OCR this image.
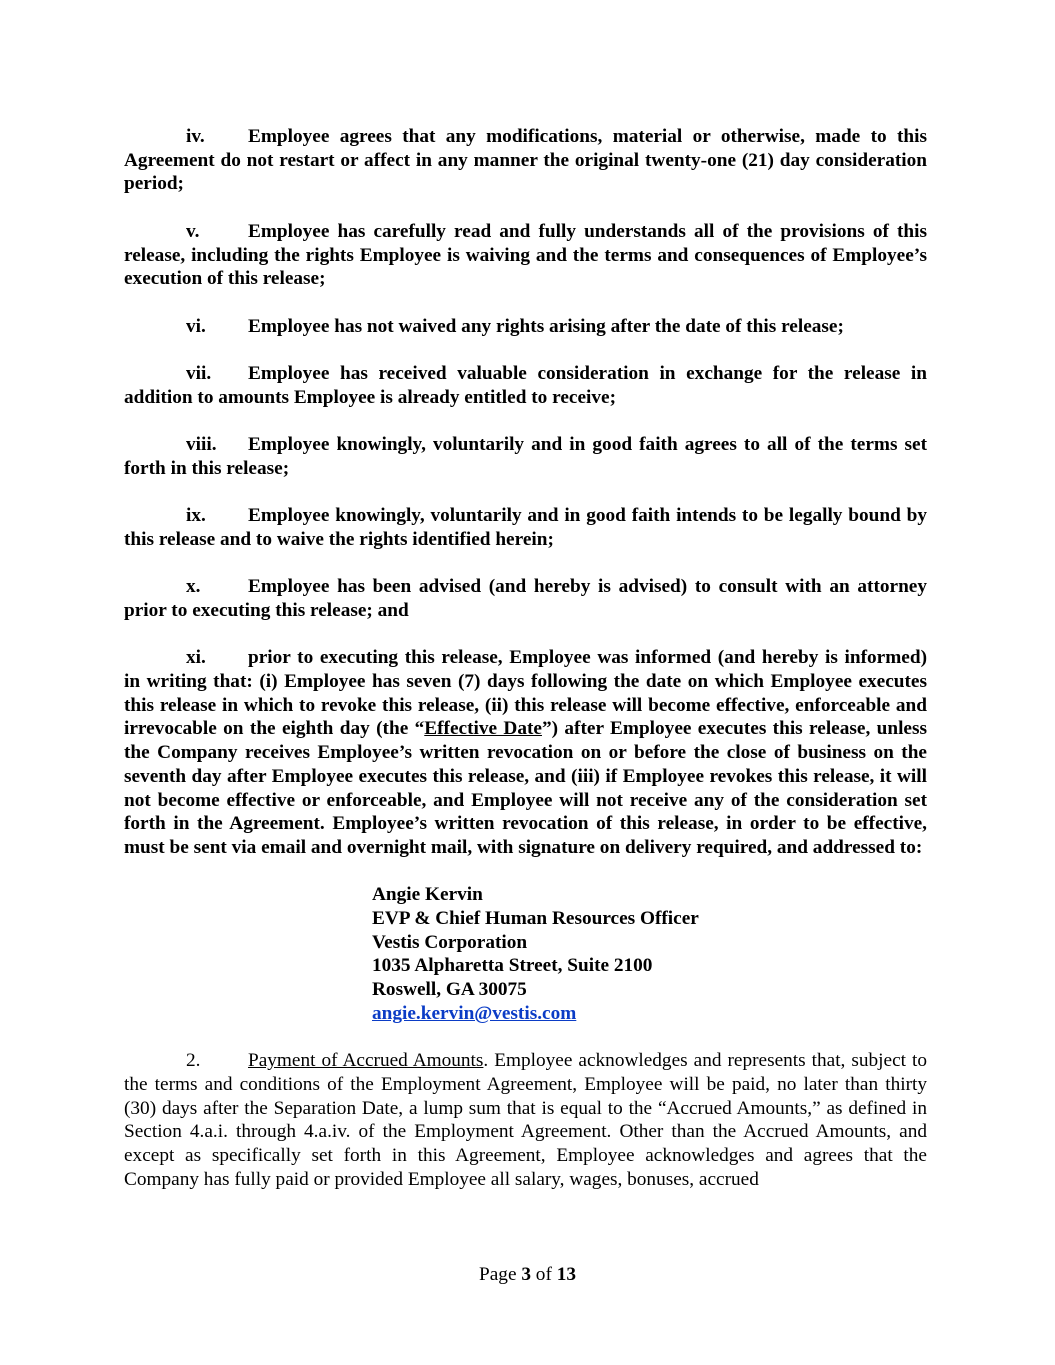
iv. Employee agrees that any modifications, material or otherwise, made to this Agreement do not restart or affect in any manner the original twenty-one (21) day consideration period;

v.	Employee has carefully read and fully understands all of the provisions of this release, including the rights Employee is waiving and the terms and consequences of Employee’s execution of this release;

vi. Employee has not waived any rights arising after the date of this release;

vii. Employee has received valuable consideration in exchange for the release in addition to amounts Employee is already entitled to receive;

viii. Employee knowingly, voluntarily and in good faith agrees to all of the terms set forth in this release;

ix. Employee knowingly, voluntarily and in good faith intends to be legally bound by this release and to waive the rights identified herein;

x. Employee has been advised (and hereby is advised) to consult with an attorney prior to executing this release; and

xi. prior to executing this release, Employee was informed (and hereby is informed) in writing that: (i) Employee has seven (7) days following the date on which Employee executes this release in which to revoke this release, (ii) this release will become effective, enforceable and irrevocable on the eighth day (the “Effective Date”) after Employee executes this release, unless the Company receives Employee’s written revocation on or before the close of business on the seventh day after Employee executes this release, and (iii) if Employee revokes this release, it will not become effective or enforceable, and Employee will not receive any of the consideration set forth in the Agreement. Employee’s written revocation of this release, in order to be effective, must be sent via email and overnight mail, with signature on delivery required, and addressed to:

Angie Kervin
EVP & Chief Human Resources Officer
Vestis Corporation
1035 Alpharetta Street, Suite 2100
Roswell, GA 30075
angie.kervin@vestis.com

2. Payment of Accrued Amounts. Employee acknowledges and represents that, subject to the terms and conditions of the Employment Agreement, Employee will be paid, no later than thirty (30) days after the Separation Date, a lump sum that is equal to the “Accrued Amounts,” as defined in Section 4.a.i. through 4.a.iv. of the Employment Agreement. Other than the Accrued Amounts, and except as specifically set forth in this Agreement, Employee acknowledges and agrees that the Company has fully paid or provided Employee all salary, wages, bonuses, accrued

Page 3 of 13
